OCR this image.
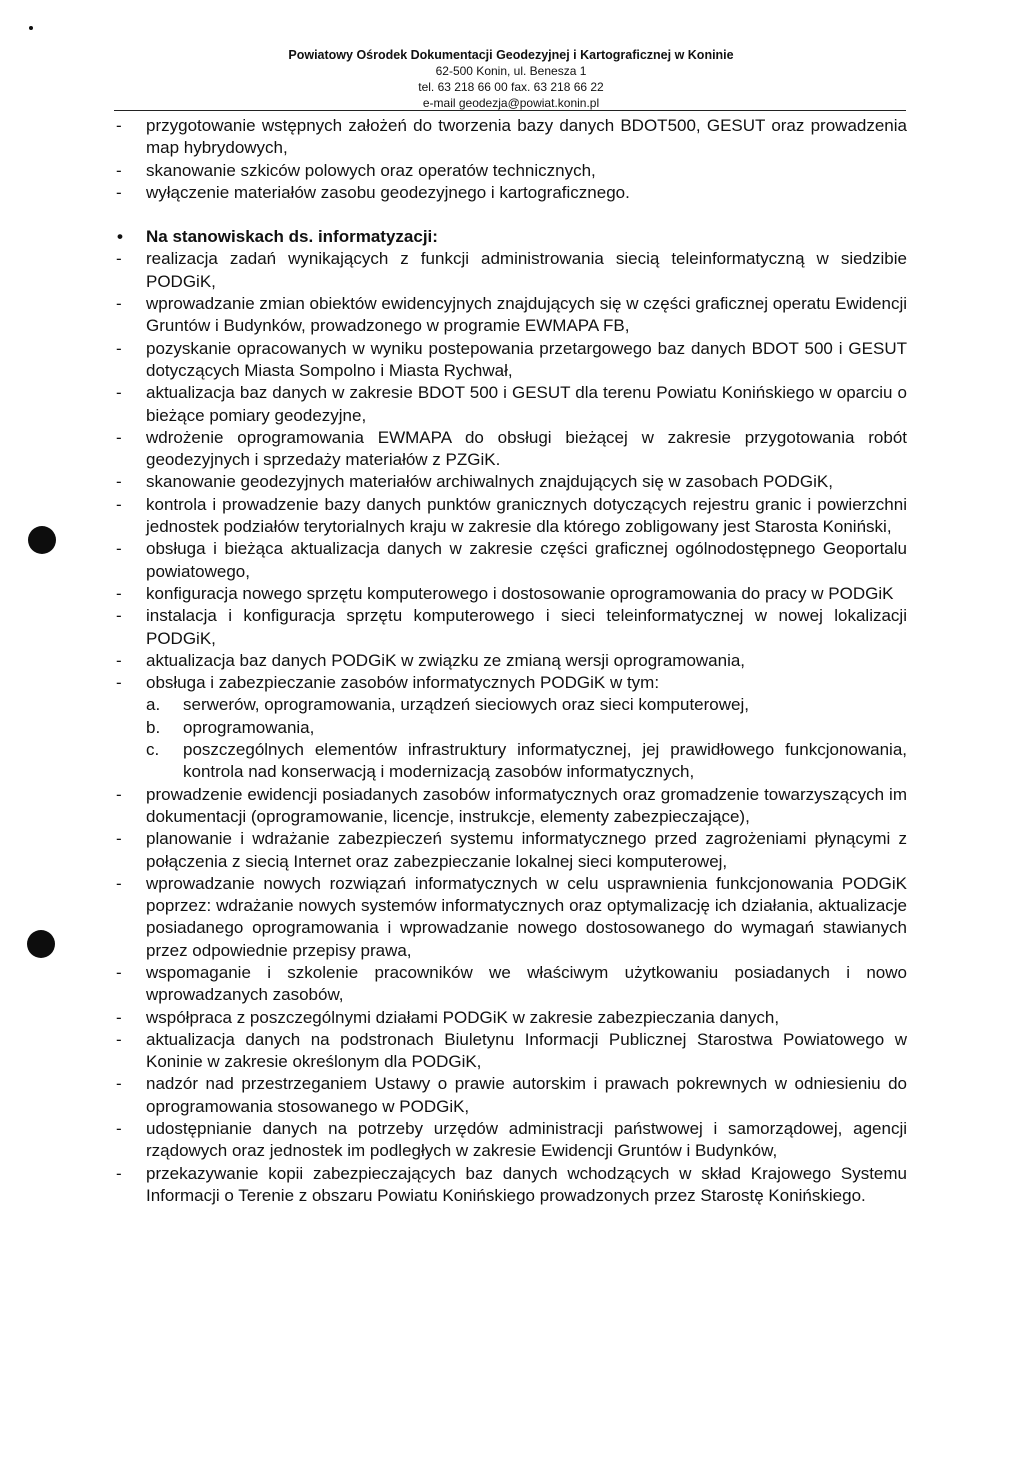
Powiatowy Ośrodek Dokumentacji Geodezyjnej i Kartograficznej w Koninie
62-500 Konin, ul. Benesza 1
tel. 63 218 66 00 fax. 63 218 66 22
e-mail geodezja@powiat.konin.pl
- przygotowanie wstępnych założeń do tworzenia bazy danych BDOT500, GESUT oraz prowadzenia map hybrydowych,
- skanowanie szkiców polowych oraz operatów technicznych,
- wyłączenie materiałów zasobu geodezyjnego i kartograficznego.
• Na stanowiskach ds. informatyzacji:
- realizacja zadań wynikających z funkcji administrowania siecią teleinformatyczną w siedzibie PODGiK,
- wprowadzanie zmian obiektów ewidencyjnych znajdujących się w części graficznej operatu Ewidencji Gruntów i Budynków, prowadzonego w programie EWMAPA FB,
- pozyskanie opracowanych w wyniku postepowania przetargowego baz danych BDOT 500 i GESUT dotyczących Miasta Sompolno i Miasta Rychwał,
- aktualizacja baz danych w zakresie BDOT 500 i GESUT dla terenu Powiatu Konińskiego w oparciu o bieżące pomiary geodezyjne,
- wdrożenie oprogramowania EWMAPA do obsługi bieżącej w zakresie przygotowania robót geodezyjnych i sprzedaży materiałów z PZGiK.
- skanowanie geodezyjnych materiałów archiwalnych znajdujących się w zasobach PODGiK,
- kontrola i prowadzenie bazy danych punktów granicznych dotyczących rejestru granic i powierzchni jednostek podziałów terytorialnych kraju w zakresie dla którego zobligowany jest Starosta Koniński,
- obsługa i bieżąca aktualizacja danych w zakresie części graficznej ogólnodostępnego Geoportalu powiatowego,
- konfiguracja nowego sprzętu komputerowego i dostosowanie oprogramowania do pracy w PODGiK
- instalacja i konfiguracja sprzętu komputerowego i sieci teleinformatycznej w nowej lokalizacji PODGiK,
- aktualizacja baz danych PODGiK w związku ze zmianą wersji oprogramowania,
- obsługa i zabezpieczanie zasobów informatycznych PODGiK w tym:
a. serwerów, oprogramowania, urządzeń sieciowych oraz sieci komputerowej,
b. oprogramowania,
c. poszczególnych elementów infrastruktury informatycznej, jej prawidłowego funkcjonowania, kontrola nad konserwacją i modernizacją zasobów informatycznych,
- prowadzenie ewidencji posiadanych zasobów informatycznych oraz gromadzenie towarzyszących im dokumentacji (oprogramowanie, licencje, instrukcje, elementy zabezpieczające),
- planowanie i wdrażanie zabezpieczeń systemu informatycznego przed zagrożeniami płynącymi z połączenia z siecią Internet oraz zabezpieczanie lokalnej sieci komputerowej,
- wprowadzanie nowych rozwiązań informatycznych w celu usprawnienia funkcjonowania PODGiK poprzez: wdrażanie nowych systemów informatycznych oraz optymalizację ich działania, aktualizacje posiadanego oprogramowania i wprowadzanie nowego dostosowanego do wymagań stawianych przez odpowiednie przepisy prawa,
- wspomaganie i szkolenie pracowników we właściwym użytkowaniu posiadanych i nowo wprowadzanych zasobów,
- współpraca z poszczególnymi działami PODGiK w zakresie zabezpieczania danych,
- aktualizacja danych na podstronach Biuletynu Informacji Publicznej Starostwa Powiatowego w Koninie w zakresie określonym dla PODGiK,
- nadzór nad przestrzeganiem Ustawy o prawie autorskim i prawach pokrewnych w odniesieniu do oprogramowania stosowanego w PODGiK,
- udostępnianie danych na potrzeby urzędów administracji państwowej i samorządowej, agencji rządowych oraz jednostek im podległych w zakresie Ewidencji Gruntów i Budynków,
- przekazywanie kopii zabezpieczających baz danych wchodzących w skład Krajowego Systemu Informacji o Terenie z obszaru Powiatu Konińskiego prowadzonych przez Starostę Konińskiego.
